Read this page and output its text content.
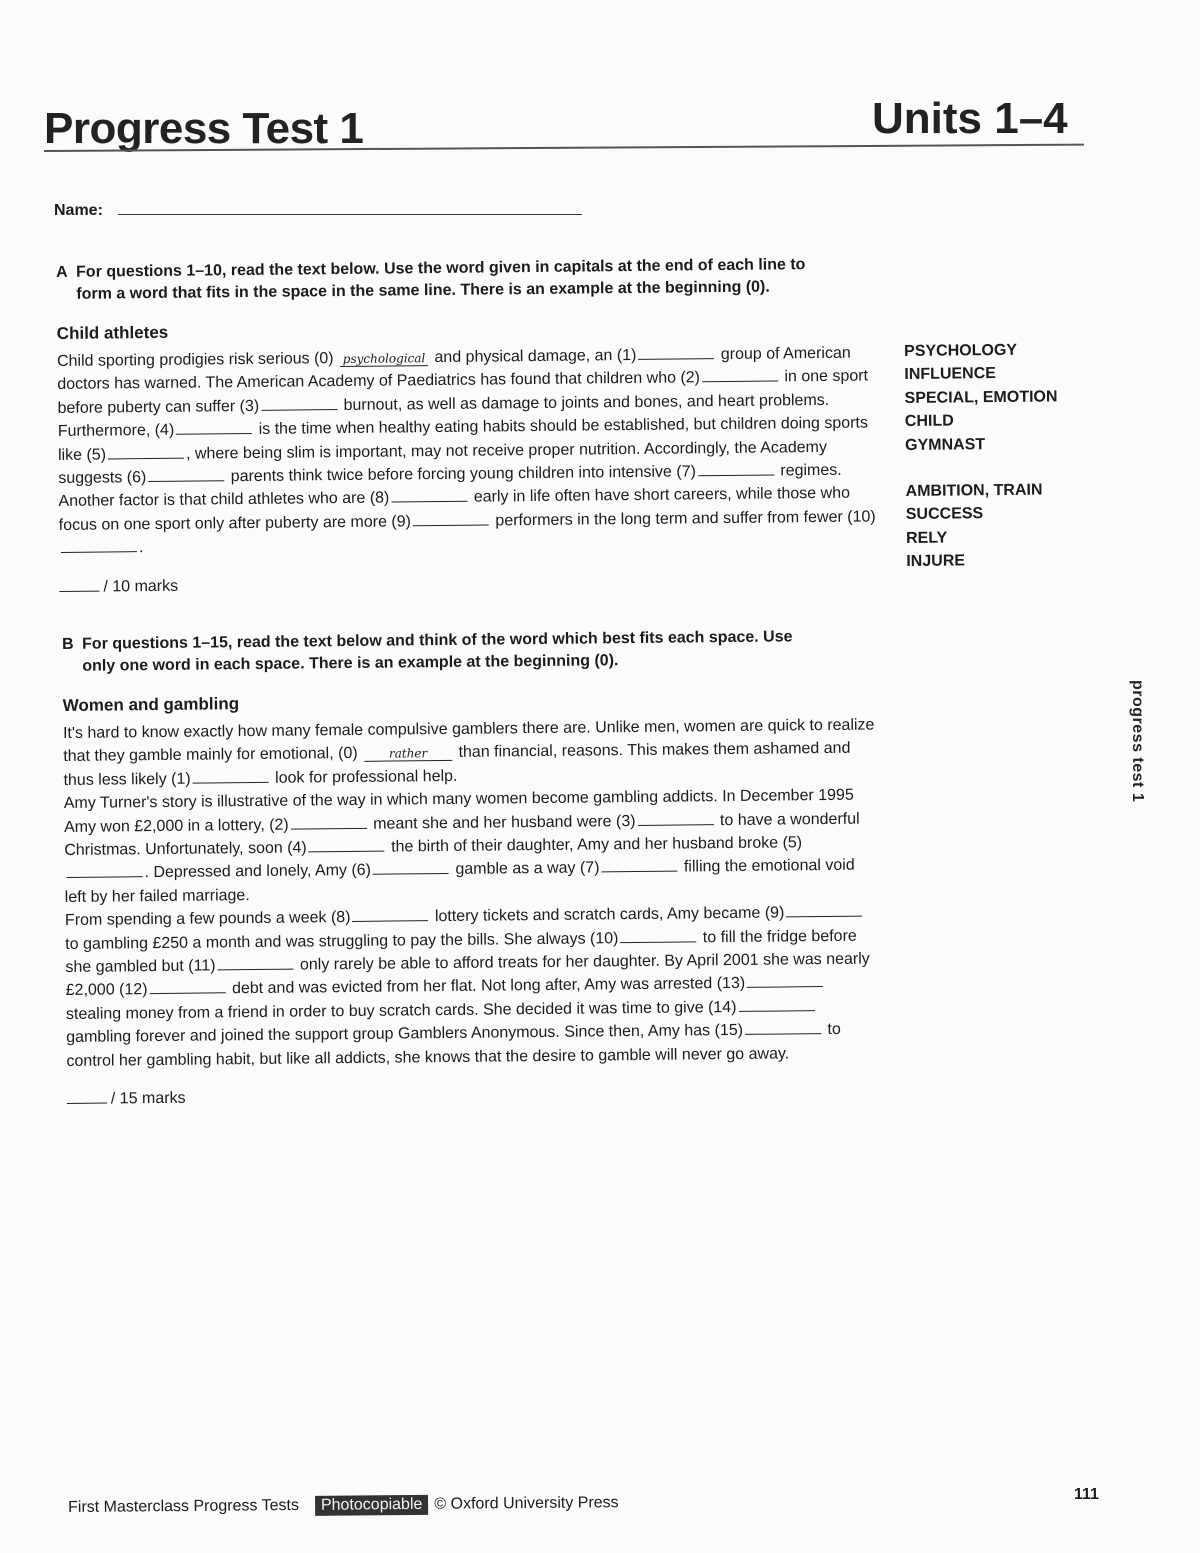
Progress Test 1	Units 1–4
Name:

A For questions 1–10, read the text below. Use the word given in capitals at the end of each line to
form a word that fits in the space in the same line. There is an example at the beginning (0).

Child athletes

Child sporting prodigies risk serious (0) psychological and physical damage, an (1)	group of American doctors has warned. The American Academy of Paediatrics has found that children who (2)	in one sport before puberty can suffer (3)	burnout, as well as damage to joints and bones, and heart problems. Furthermore, (4)	is the time when healthy eating habits should be established, but children doing sports like (5)	, where being slim is important, may not receive proper nutrition. Accordingly, the Academy suggests (6)	parents think twice before forcing young children into intensive (7)	regimes. Another factor is that child athletes who are (8)	early in life often have short careers, while those who focus on one sport only after puberty are more (9)	performers in the long term and suffer from fewer (10).

/ 10 marks
PSYCHOLOGY
INFLUENCE
SPECIAL, EMOTION
CHILD
GYMNAST
AMBITION, TRAIN
SUCCESS
RELY
INJURE

B For questions 1–15, read the text below and think of the word which best fits each space. Use
only one word in each space. There is an example at the beginning (0).

Women and gambling

It's hard to know exactly how many female compulsive gamblers there are. Unlike men, women are quick to realize that they gamble mainly for emotional, (0)	rather than financial, reasons. This makes them ashamed and thus less likely (1)	look for professional help.

Amy Turner's story is illustrative of the way in which many women become gambling addicts. In December 1995 Amy won £2,000 in a lottery, (2)	meant she and her husband were (3)	to have a wonderful Christmas. Unfortunately, soon (4)	the birth of their daughter, Amy and her husband broke (5). Depressed and lonely, Amy (6)	gamble as a way (7)	filling the emotional void left by her failed marriage.

From spending a few pounds a week (8)	lottery tickets and scratch cards, Amy became (9) to gambling £250 a month and was struggling to pay the bills. She always (10)	to fill the fridge before she gambled but (11)	only rarely be able to afford treats for her daughter. By April 2001 she was nearly £2,000 (12)	debt and was evicted from her flat. Not long after, Amy was arrested (13) stealing money from a friend in order to buy scratch cards. She decided it was time to give (14) gambling forever and joined the support group Gamblers Anonymous. Since then, Amy has (15)	to control her gambling habit, but like all addicts, she knows that the desire to gamble will never go away.

/ 15 marks
progress test 1
111
First Masterclass Progress Tests	Photocopiable © Oxford University Press
